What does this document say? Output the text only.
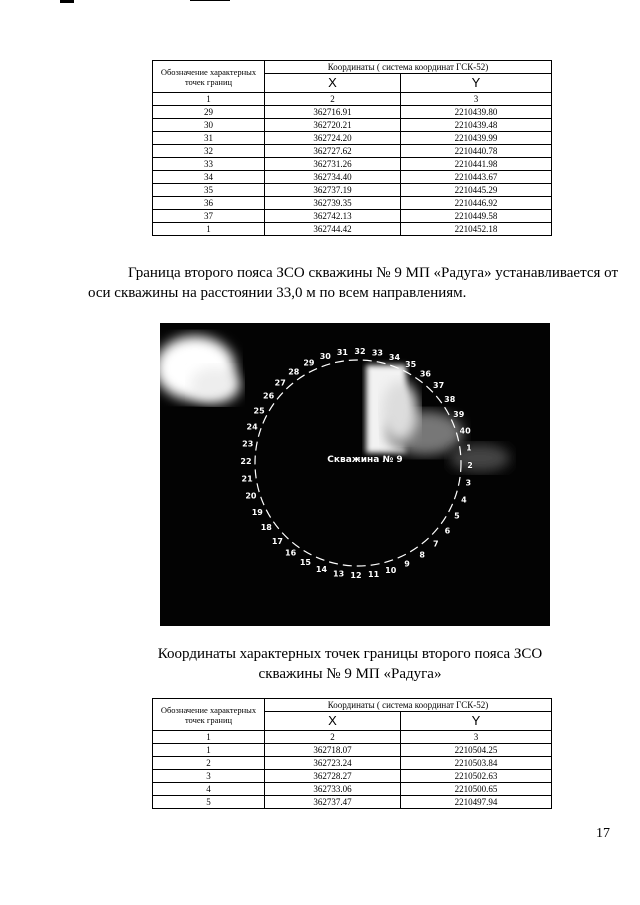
Обозначение характерных точек границ	Координаты ( система координат ГСК-52)	
	X	Y
1	2	3
29	362716.91	2210439.80
30	362720.21	2210439.48
31	362724.20	2210439.99
32	362727.62	2210440.78
33	362731.26	2210441.98
34	362734.40	2210443.67
35	362737.19	2210445.29
36	362739.35	2210446.92
37	362742.13	2210449.58
1	362744.42	2210452.18
Граница второго пояса ЗСО скважины № 9 МП «Радуга» устанавливается от оси скважины на расстоянии 33,0 м по всем направлениям.
Скважина № 9
1
2
3
4
5
6
7
8
9
10
11
12
13
14
15
16
17
18
19
20
21
22
23
24
25
26
27
28
29
30 31 32 33 34
35
36
37
38
39
40
Координаты характерных точек границы второго пояса ЗСО скважины № 9 МП «Радуга»
Обозначение характерных точек границ	Координаты ( система координат ГСК-52)	
	X	Y
1	2	3
1	362718.07	2210504.25
2	362723.24	2210503.84
3	362728.27	2210502.63
4	362733.06	2210500.65
5	362737.47	2210497.94
17
